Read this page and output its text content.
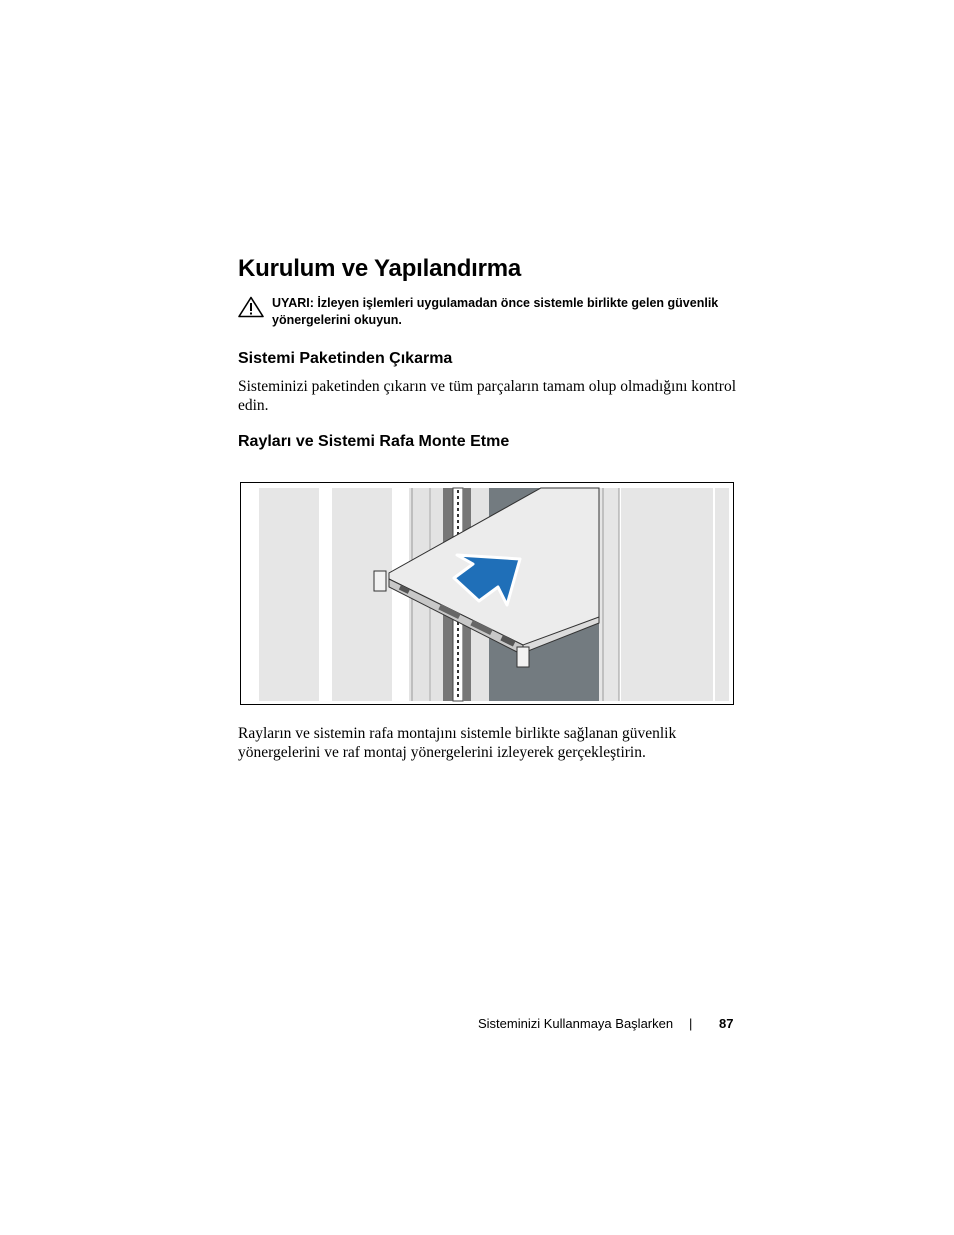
Kurulum ve Yapılandırma
UYARI: İzleyen işlemleri uygulamadan önce sistemle birlikte gelen güvenlik yönergelerini okuyun.
Sistemi Paketinden Çıkarma

Sisteminizi paketinden çıkarın ve tüm parçaların tamam olup olmadığını kontrol edin.

Rayları ve Sistemi Rafa Monte Etme

Rayların ve sistemin rafa montajını sistemle birlikte sağlanan güvenlik yönergelerini ve raf montaj yönergelerini izleyerek gerçekleştirin.

Sisteminizi Kullanmaya Başlarken | 87
